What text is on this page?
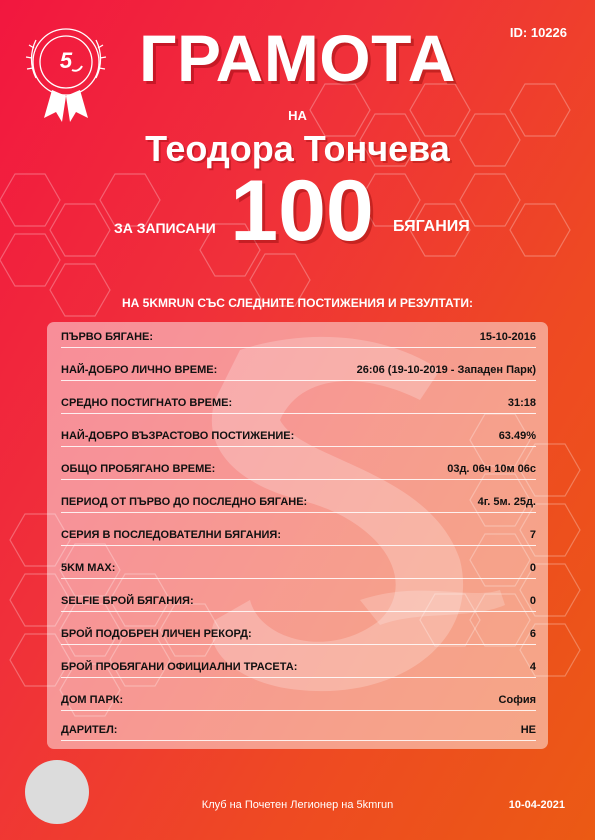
5
ID: 10226
ГРАМОТА
НА
Теодора Тончева
ЗА ЗАПИСАНИ 100	БЯГАНИЯ
НА 5KMRUN СЪС СЛЕДНИТЕ ПОСТИЖЕНИЯ И РЕЗУЛТАТИ:
ПЪРВО БЯГАНЕ:	15-10-2016
НАЙ-ДОБРО ЛИЧНО ВРЕМЕ:	26:06 (19-10-2019 - Западен Парк)
СРЕДНО ПОСТИГНАТО ВРЕМЕ:	31:18
НАЙ-ДОБРО ВЪЗРАСТОВО ПОСТИЖЕНИЕ:	63.49%
ОБЩО ПРОБЯГАНО ВРЕМЕ:	03д. 06ч 10м 06с
ПЕРИОД ОТ ПЪРВО ДО ПОСЛЕДНО БЯГАНЕ:	4г. 5м. 25д.
СЕРИЯ В ПОСЛЕДОВАТЕЛНИ БЯГАНИЯ:	7
5KM MAX:	0
SELFIE БРОЙ БЯГАНИЯ:	0
БРОЙ ПОДОБРЕН ЛИЧЕН РЕКОРД:	6
БРОЙ ПРОБЯГАНИ ОФИЦИАЛНИ ТРАСЕТА:	4
ДОМ ПАРК:	София
ДАРИТЕЛ:	НЕ
Клуб на Почетен Легионер на 5kmrun	10-04-2021
